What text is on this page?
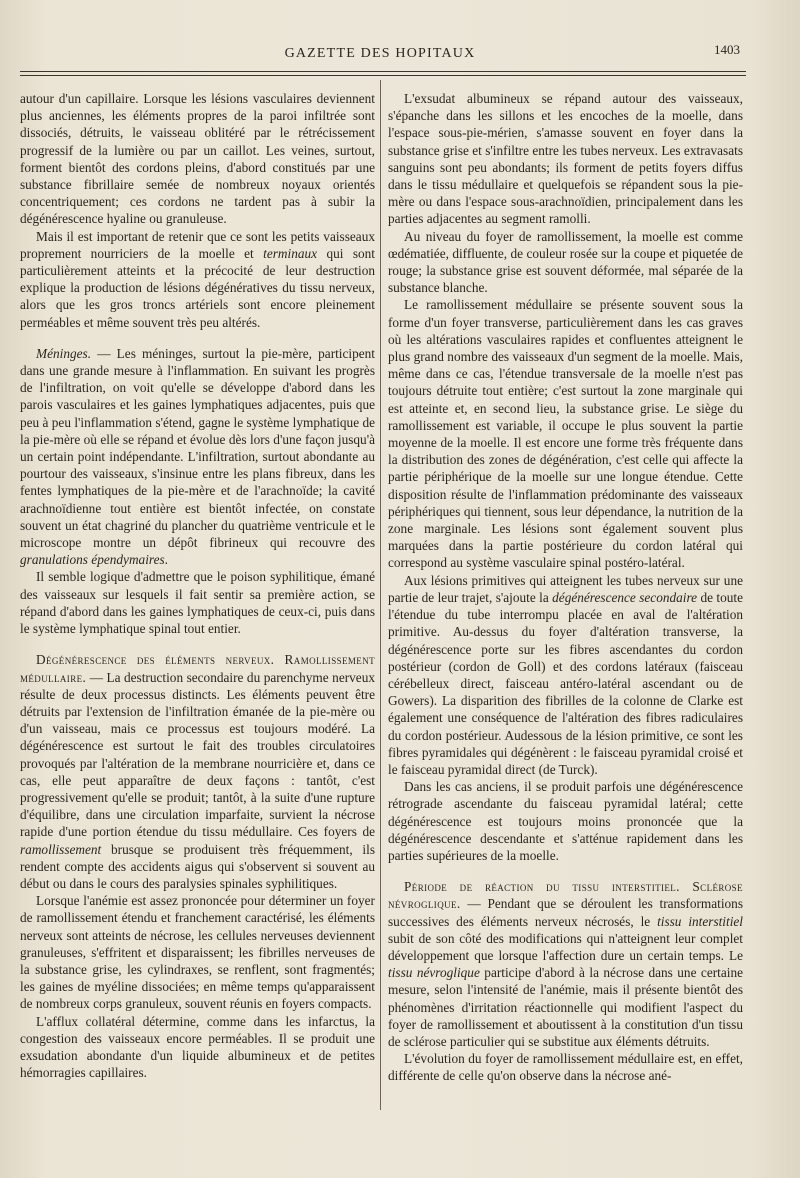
GAZETTE DES HOPITAUX	1403

autour d'un capillaire. Lorsque les lésions vasculaires deviennent plus anciennes, les éléments propres de la paroi infiltrée sont dissociés, détruits, le vaisseau oblitéré par le rétrécissement progressif de la lumière ou par un caillot. Les veines, surtout, forment bientôt des cordons pleins, d'abord constitués par une substance fibrillaire semée de nombreux noyaux orientés concentriquement; ces cordons ne tardent pas à subir la dégénérescence hyaline ou granuleuse.

Mais il est important de retenir que ce sont les petits vaisseaux proprement nourriciers de la moelle et terminaux qui sont particulièrement atteints et la précocité de leur destruction explique la production de lésions dégénératives du tissu nerveux, alors que les gros troncs artériels sont encore pleinement perméables et même souvent très peu altérés.

Méninges. — Les méninges, surtout la pie-mère, participent dans une grande mesure à l'inflammation. En suivant les progrès de l'infiltration, on voit qu'elle se développe d'abord dans les parois vasculaires et les gaines lymphatiques adjacentes, puis que peu à peu l'inflammation s'étend, gagne le système lymphatique de la pie-mère où elle se répand et évolue dès lors d'une façon jusqu'à un certain point indépendante. L'infiltration, surtout abondante au pourtour des vaisseaux, s'insinue entre les plans fibreux, dans les fentes lymphatiques de la pie-mère et de l'arachnoïde; la cavité arachnoïdienne tout entière est bientôt infectée, on constate souvent un état chagriné du plancher du quatrième ventricule et le microscope montre un dépôt fibrineux qui recouvre des granulations épendymaires.

Il semble logique d'admettre que le poison syphilitique, émané des vaisseaux sur lesquels il fait sentir sa première action, se répand d'abord dans les gaines lymphatiques de ceux-ci, puis dans le système lymphatique spinal tout entier.

Dégénérescence des éléments nerveux. Ramollissement médullaire. — La destruction secondaire du parenchyme nerveux résulte de deux processus distincts. Les éléments peuvent être détruits par l'extension de l'infiltration émanée de la pie-mère ou d'un vaisseau, mais ce processus est toujours modéré. La dégénérescence est surtout le fait des troubles circulatoires provoqués par l'altération de la membrane nourricière et, dans ce cas, elle peut apparaître de deux façons : tantôt, c'est progressivement qu'elle se produit; tantôt, à la suite d'une rupture d'équilibre, dans une circulation imparfaite, survient la nécrose rapide d'une portion étendue du tissu médullaire. Ces foyers de ramollissement brusque se produisent très fréquemment, ils rendent compte des accidents aigus qui s'observent si souvent au début ou dans le cours des paralysies spinales syphilitiques.

Lorsque l'anémie est assez prononcée pour déterminer un foyer de ramollissement étendu et franchement caractérisé, les éléments nerveux sont atteints de nécrose, les cellules nerveuses deviennent granuleuses, s'effritent et disparaissent; les fibrilles nerveuses de la substance grise, les cylindraxes, se renflent, sont fragmentés; les gaines de myéline dissociées; en même temps qu'apparaissent de nombreux corps granuleux, souvent réunis en foyers compacts.

L'afflux collatéral détermine, comme dans les infarctus, la congestion des vaisseaux encore perméables. Il se produit une exsudation abondante d'un liquide albumineux et de petites hémorragies capillaires.

L'exsudat albumineux se répand autour des vaisseaux, s'épanche dans les sillons et les encoches de la moelle, dans l'espace sous-pie-mérien, s'amasse souvent en foyer dans la substance grise et s'infiltre entre les tubes nerveux. Les extravasats sanguins sont peu abondants; ils forment de petits foyers diffus dans le tissu médullaire et quelquefois se répandent sous la pie-mère ou dans l'espace sous-arachnoïdien, principalement dans les parties adjacentes au segment ramolli.

Au niveau du foyer de ramollissement, la moelle est comme œdématiée, diffluente, de couleur rosée sur la coupe et piquetée de rouge; la substance grise est souvent déformée, mal séparée de la substance blanche.

Le ramollissement médullaire se présente souvent sous la forme d'un foyer transverse, particulièrement dans les cas graves où les altérations vasculaires rapides et confluentes atteignent le plus grand nombre des vaisseaux d'un segment de la moelle. Mais, même dans ce cas, l'étendue transversale de la moelle n'est pas toujours détruite tout entière; c'est surtout la zone marginale qui est atteinte et, en second lieu, la substance grise. Le siège du ramollissement est variable, il occupe le plus souvent la partie moyenne de la moelle. Il est encore une forme très fréquente dans la distribution des zones de dégénération, c'est celle qui affecte la partie périphérique de la moelle sur une longue étendue. Cette disposition résulte de l'inflammation prédominante des vaisseaux périphériques qui tiennent, sous leur dépendance, la nutrition de la zone marginale. Les lésions sont également souvent plus marquées dans la partie postérieure du cordon latéral qui correspond au système vasculaire spinal postéro-latéral.

Aux lésions primitives qui atteignent les tubes nerveux sur une partie de leur trajet, s'ajoute la dégénérescence secondaire de toute l'étendue du tube interrompu placée en aval de l'altération primitive. Au-dessus du foyer d'altération transverse, la dégénérescence porte sur les fibres ascendantes du cordon postérieur (cordon de Goll) et des cordons latéraux (faisceau cérébelleux direct, faisceau antéro-latéral ascendant ou de Gowers). La disparition des fibrilles de la colonne de Clarke est également une conséquence de l'altération des fibres radiculaires du cordon postérieur. Audessous de la lésion primitive, ce sont les fibres pyramidales qui dégénèrent : le faisceau pyramidal croisé et le faisceau pyramidal direct (de Turck).

Dans les cas anciens, il se produit parfois une dégénérescence rétrograde ascendante du faisceau pyramidal latéral; cette dégénérescence est toujours moins prononcée que la dégénérescence descendante et s'atténue rapidement dans les parties supérieures de la moelle.

Période de réaction du tissu interstitiel. Sclérose névroglique. — Pendant que se déroulent les transformations successives des éléments nerveux nécrosés, le tissu interstitiel subit de son côté des modifications qui n'atteignent leur complet développement que lorsque l'affection dure un certain temps. Le tissu névroglique participe d'abord à la nécrose dans une certaine mesure, selon l'intensité de l'anémie, mais il présente bientôt des phénomènes d'irritation réactionnelle qui modifient l'aspect du foyer de ramollissement et aboutissent à la constitution d'un tissu de sclérose particulier qui se substitue aux éléments détruits.

L'évolution du foyer de ramollissement médullaire est, en effet, différente de celle qu'on observe dans la nécrose ané-
